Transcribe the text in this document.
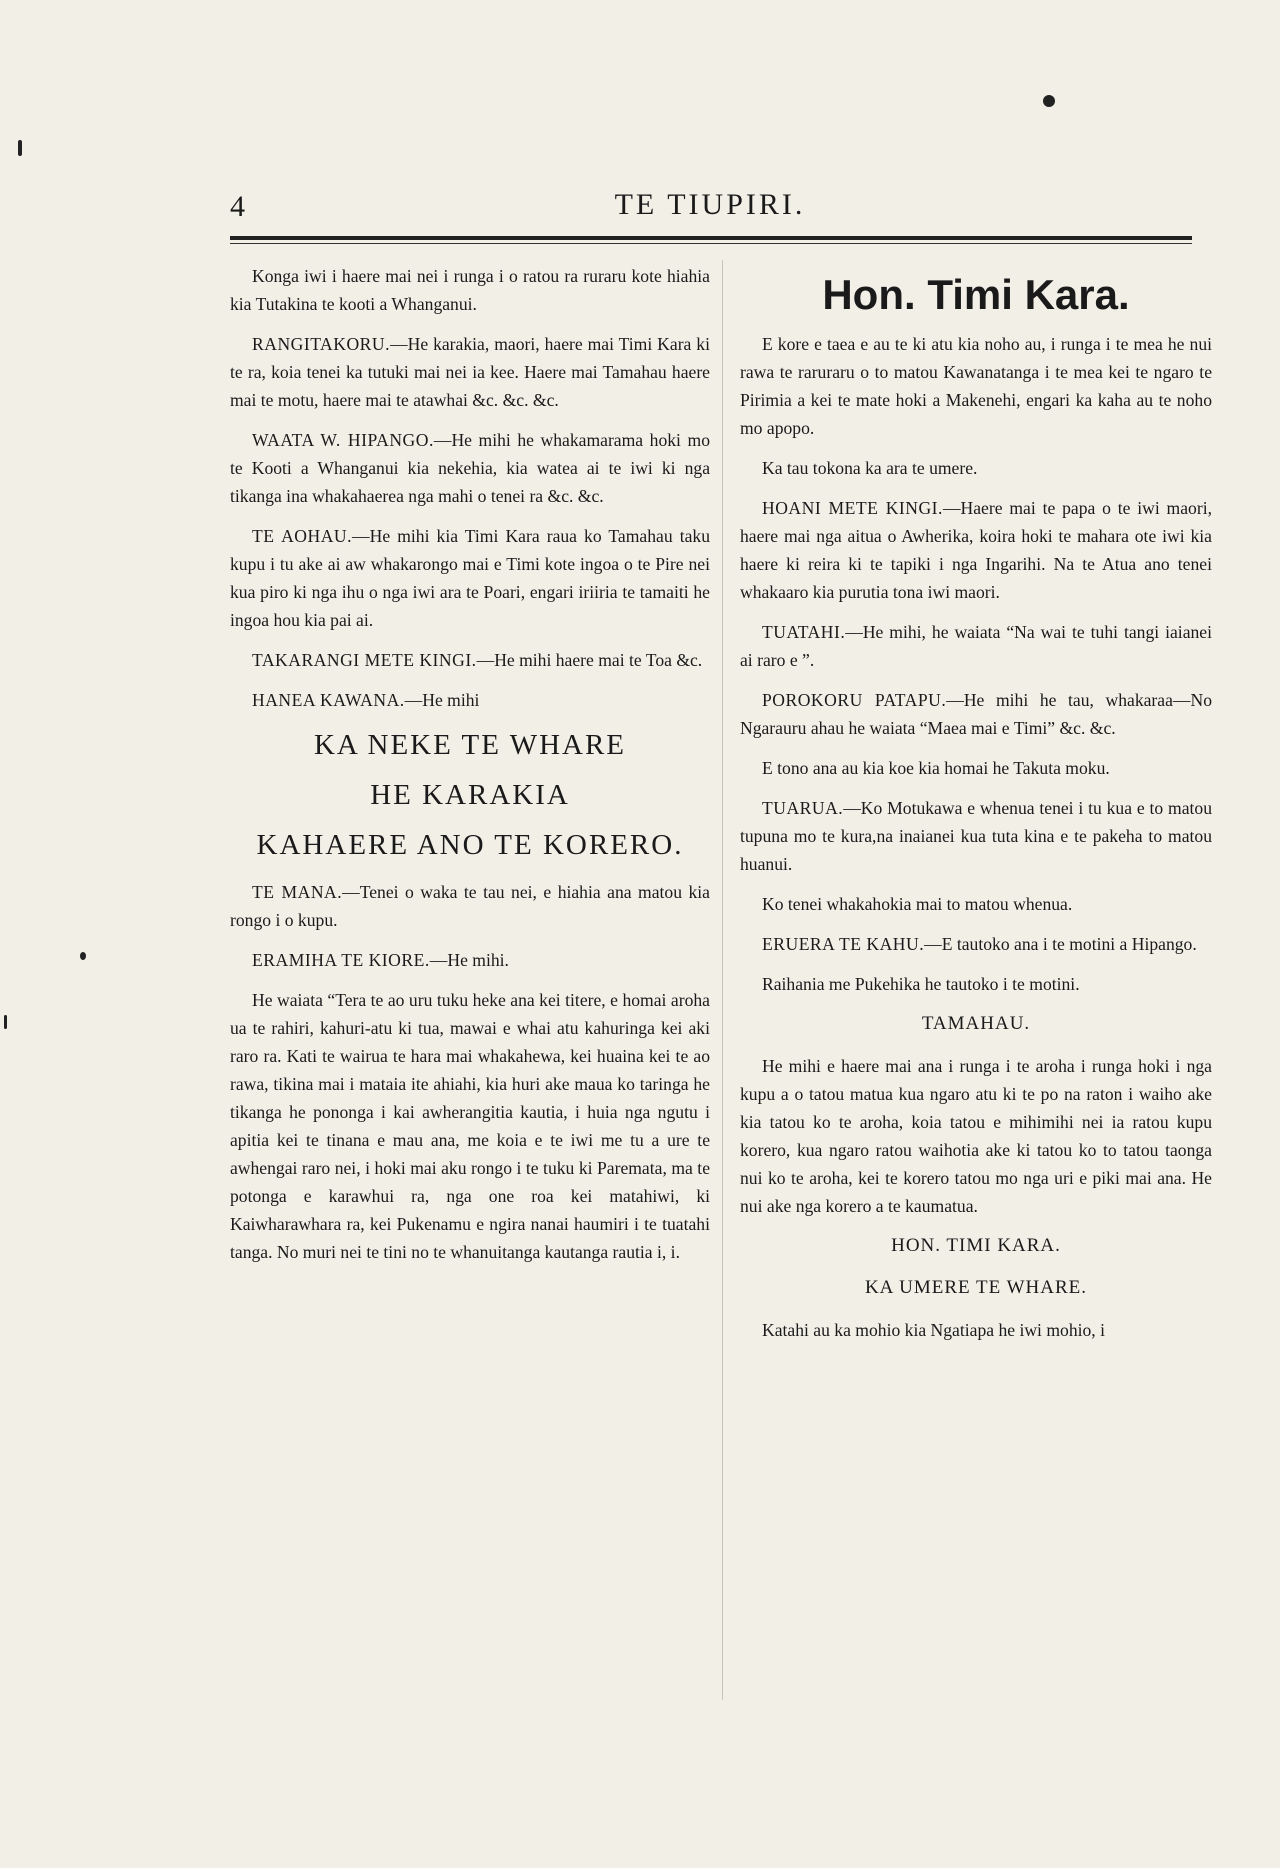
4	TE TIUPIRI.

Konga iwi i haere mai nei i runga i o ratou ra ruraru kote hiahia kia Tutakina te kooti a Whanganui.

RANGITAKORU.—He karakia, maori, haere mai Timi Kara ki te ra, koia tenei ka tutuki mai nei ia kee. Haere mai Tamahau haere mai te motu, haere mai te atawhai &c. &c. &c.

WAATA W. HIPANGO.—He mihi he whakamarama hoki mo te Kooti a Whanganui kia nekehia, kia watea ai te iwi ki nga tikanga ina whakahaerea nga mahi o tenei ra &c. &c.

TE AOHAU.—He mihi kia Timi Kara raua ko Tamahau taku kupu i tu ake ai aw whakarongo mai e Timi kote ingoa o te Pire nei kua piro ki nga ihu o nga iwi ara te Poari, engari iriiria te tamaiti he ingoa hou kia pai ai.

TAKARANGI METE KINGI.—He mihi haere mai te Toa &c.

HANEA KAWANA.—He mihi

KA NEKE TE WHARE
HE KARAKIA
KAHAERE ANO TE KORERO.

TE MANA.—Tenei o waka te tau nei, e hiahia ana matou kia rongo i o kupu.

ERAMIHA TE KIORE.—He mihi.

He waiata “Tera te ao uru tuku heke ana kei titere, e homai aroha ua te rahiri, kahuri-atu ki tua, mawai e whai atu kahuringa kei aki raro ra. Kati te wairua te hara mai whakahewa, kei huaina kei te ao rawa, tikina mai i mataia ite ahiahi, kia huri ake maua ko taringa he tikanga he pononga i kai awherangitia kautia, i huia nga ngutu i apitia kei te tinana e mau ana, me koia e te iwi me tu a ure te awhengai raro nei, i hoki mai aku rongo i te tuku ki Paremata, ma te potonga e karawhui ra, nga one roa kei matahiwi, ki Kaiwharawhara ra, kei Pukenamu e ngira nanai haumiri i te tuatahi tanga. No muri nei te tini no te whanuitanga kautanga rautia i, i.

Hon. Timi Kara.

E kore e taea e au te ki atu kia noho au, i runga i te mea he nui rawa te raruraru o to matou Kawanatanga i te mea kei te ngaro te Pirimia a kei te mate hoki a Makenehi, engari ka kaha au te noho mo apopo.

Ka tau tokona ka ara te umere.

HOANI METE KINGI.—Haere mai te papa o te iwi maori, haere mai nga aitua o Awherika, koira hoki te mahara ote iwi kia haere ki reira ki te tapiki i nga Ingarihi. Na te Atua ano tenei whakaaro kia purutia tona iwi maori.

TUATAHI.—He mihi, he waiata “Na wai te tuhi tangi iaianei ai raro e ”.

POROKORU PATAPU.—He mihi he tau, whakaraa—No Ngarauru ahau he waiata “Maea mai e Timi” &c. &c.

E tono ana au kia koe kia homai he Takuta moku.

TUARUA.—Ko Motukawa e whenua tenei i tu kua e to matou tupuna mo te kura,na inaianei kua tuta kina e te pakeha to matou huanui.

Ko tenei whakahokia mai to matou whenua.

ERUERA TE KAHU.—E tautoko ana i te motini a Hipango.

Raihania me Pukehika he tautoko i te motini.

TAMAHAU.

He mihi e haere mai ana i runga i te aroha i runga hoki i nga kupu a o tatou matua kua ngaro atu ki te po na raton i waiho ake kia tatou ko te aroha, koia tatou e mihimihi nei ia ratou kupu korero, kua ngaro ratou waihotia ake ki tatou ko to tatou taonga nui ko te aroha, kei te korero tatou mo nga uri e piki mai ana. He nui ake nga korero a te kaumatua.

HON. TIMI KARA.
KA UMERE TE WHARE.

Katahi au ka mohio kia Ngatiapa he iwi mohio, i
